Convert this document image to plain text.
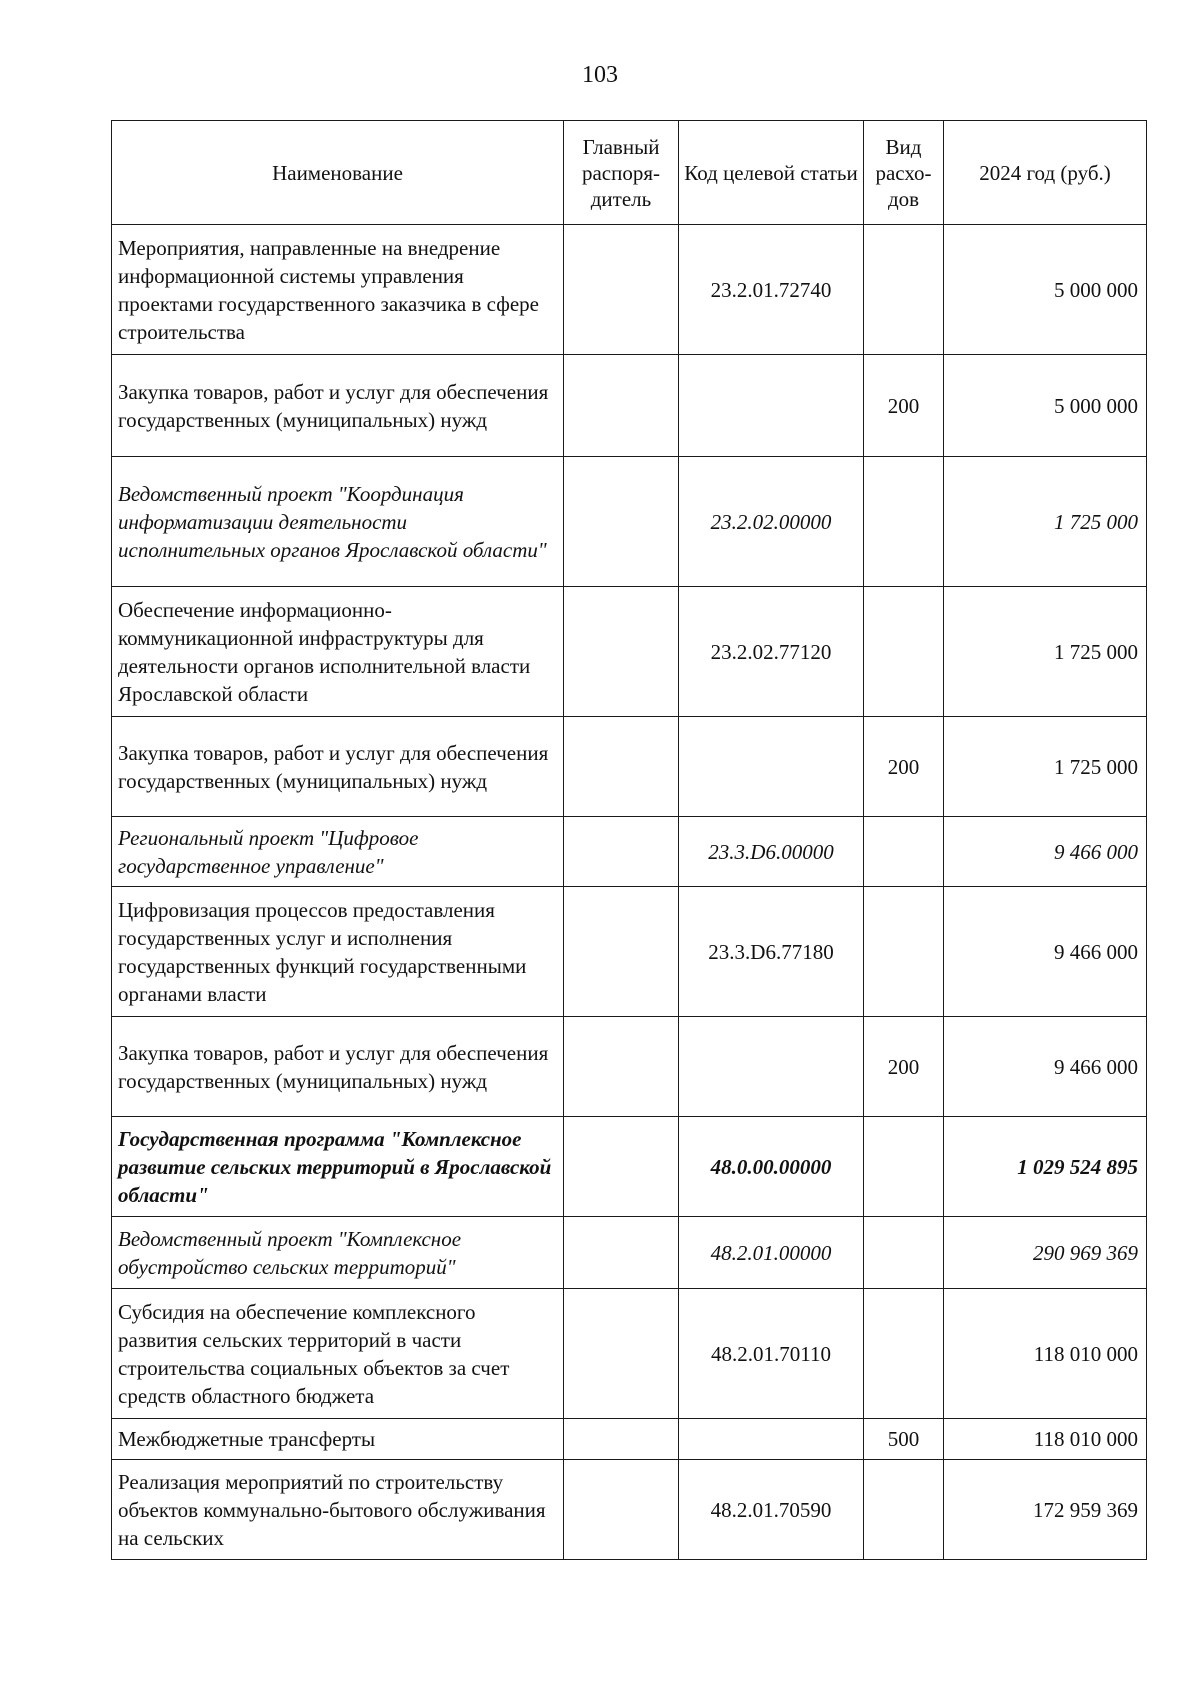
103
Наименование	Главный распоря-дитель	Код целевой статьи	Вид расхо-дов	2024 год (руб.)
Мероприятия, направленные на внедрение информационной системы управления проектами государственного заказчика в сфере строительства		23.2.01.72740		5 000 000
Закупка товаров, работ и услуг для обеспечения государственных (муниципальных) нужд			200	5 000 000
Ведомственный проект "Координация информатизации деятельности исполнительных органов Ярославской области"		23.2.02.00000		1 725 000
Обеспечение информационно-коммуникационной инфраструктуры для деятельности органов исполнительной власти Ярославской области		23.2.02.77120		1 725 000
Закупка товаров, работ и услуг для обеспечения государственных (муниципальных) нужд			200	1 725 000
Региональный проект "Цифровое государственное управление"		23.3.D6.00000		9 466 000
Цифровизация процессов предоставления государственных услуг и исполнения государственных функций государственными органами власти		23.3.D6.77180		9 466 000
Закупка товаров, работ и услуг для обеспечения государственных (муниципальных) нужд			200	9 466 000
Государственная программа "Комплексное развитие сельских территорий в Ярославской области"		48.0.00.00000		1 029 524 895
Ведомственный проект "Комплексное обустройство сельских территорий"		48.2.01.00000		290 969 369
Субсидия на обеспечение комплексного развития сельских территорий в части строительства социальных объектов за счет средств областного бюджета		48.2.01.70110		118 010 000
Межбюджетные трансферты			500	118 010 000
Реализация мероприятий по строительству объектов коммунально-бытового обслуживания на сельских		48.2.01.70590		172 959 369
